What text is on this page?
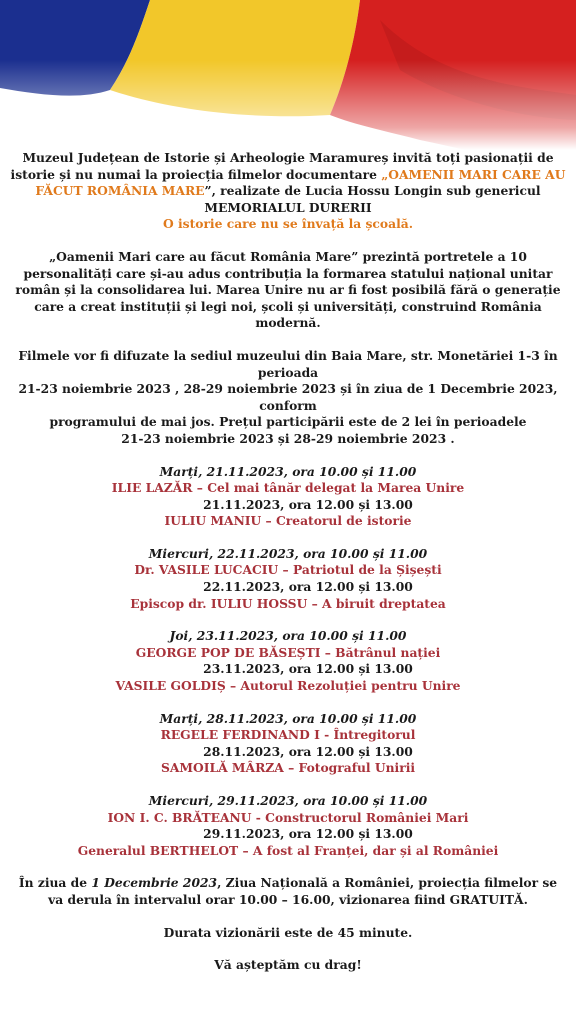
Muzeul Județean de Istorie și Arheologie Maramureș invită toți pasionații de istorie și nu numai la proiecția filmelor documentare „OAMENII MARI CARE AU FĂCUT ROMÂNIA MARE”, realizate de Lucia Hossu Longin sub genericul MEMORIALUL DURERII
O istorie care nu se învață la școală.

„Oamenii Mari care au făcut România Mare” prezintă portretele a 10 personalități care și-au adus contribuția la formarea statului național unitar român și la consolidarea lui. Marea Unire nu ar fi fost posibilă fără o generație care a creat instituții și legi noi, școli și universități, construind România modernă.

Filmele vor fi difuzate la sediul muzeului din Baia Mare, str. Monetăriei 1-3 în perioada
21-23 noiembrie 2023 , 28-29 noiembrie 2023 și în ziua de 1 Decembrie 2023, conform
programului de mai jos. Prețul participării este de 2 lei în perioadele
21-23 noiembrie 2023 și 28-29 noiembrie 2023 .

Marți, 21.11.2023, ora 10.00 și 11.00
ILIE LAZĂR – Cel mai tânăr delegat la Marea Unire
21.11.2023, ora 12.00 și 13.00
IULIU MANIU – Creatorul de istorie
Miercuri, 22.11.2023, ora 10.00 și 11.00
Dr. VASILE LUCACIU – Patriotul de la Șișești
22.11.2023, ora 12.00 și 13.00
Episcop dr. IULIU HOSSU – A biruit dreptatea
Joi, 23.11.2023, ora 10.00 și 11.00
GEORGE POP DE BĂSEȘTI – Bătrânul nației
23.11.2023, ora 12.00 și 13.00
VASILE GOLDIȘ – Autorul Rezoluției pentru Unire
Marți, 28.11.2023, ora 10.00 și 11.00
REGELE FERDINAND I - Întregitorul
28.11.2023, ora 12.00 și 13.00
SAMOILĂ MÂRZA – Fotograful Unirii
Miercuri, 29.11.2023, ora 10.00 și 11.00
ION I. C. BRĂTEANU - Constructorul României Mari
29.11.2023, ora 12.00 și 13.00
Generalul BERTHELOT – A fost al Franței, dar și al României

În ziua de 1 Decembrie 2023, Ziua Națională a României, proiecția filmelor se va derula în intervalul orar 10.00 – 16.00, vizionarea fiind GRATUITĂ.

Durata vizionării este de 45 minute.

Vă așteptăm cu drag!
